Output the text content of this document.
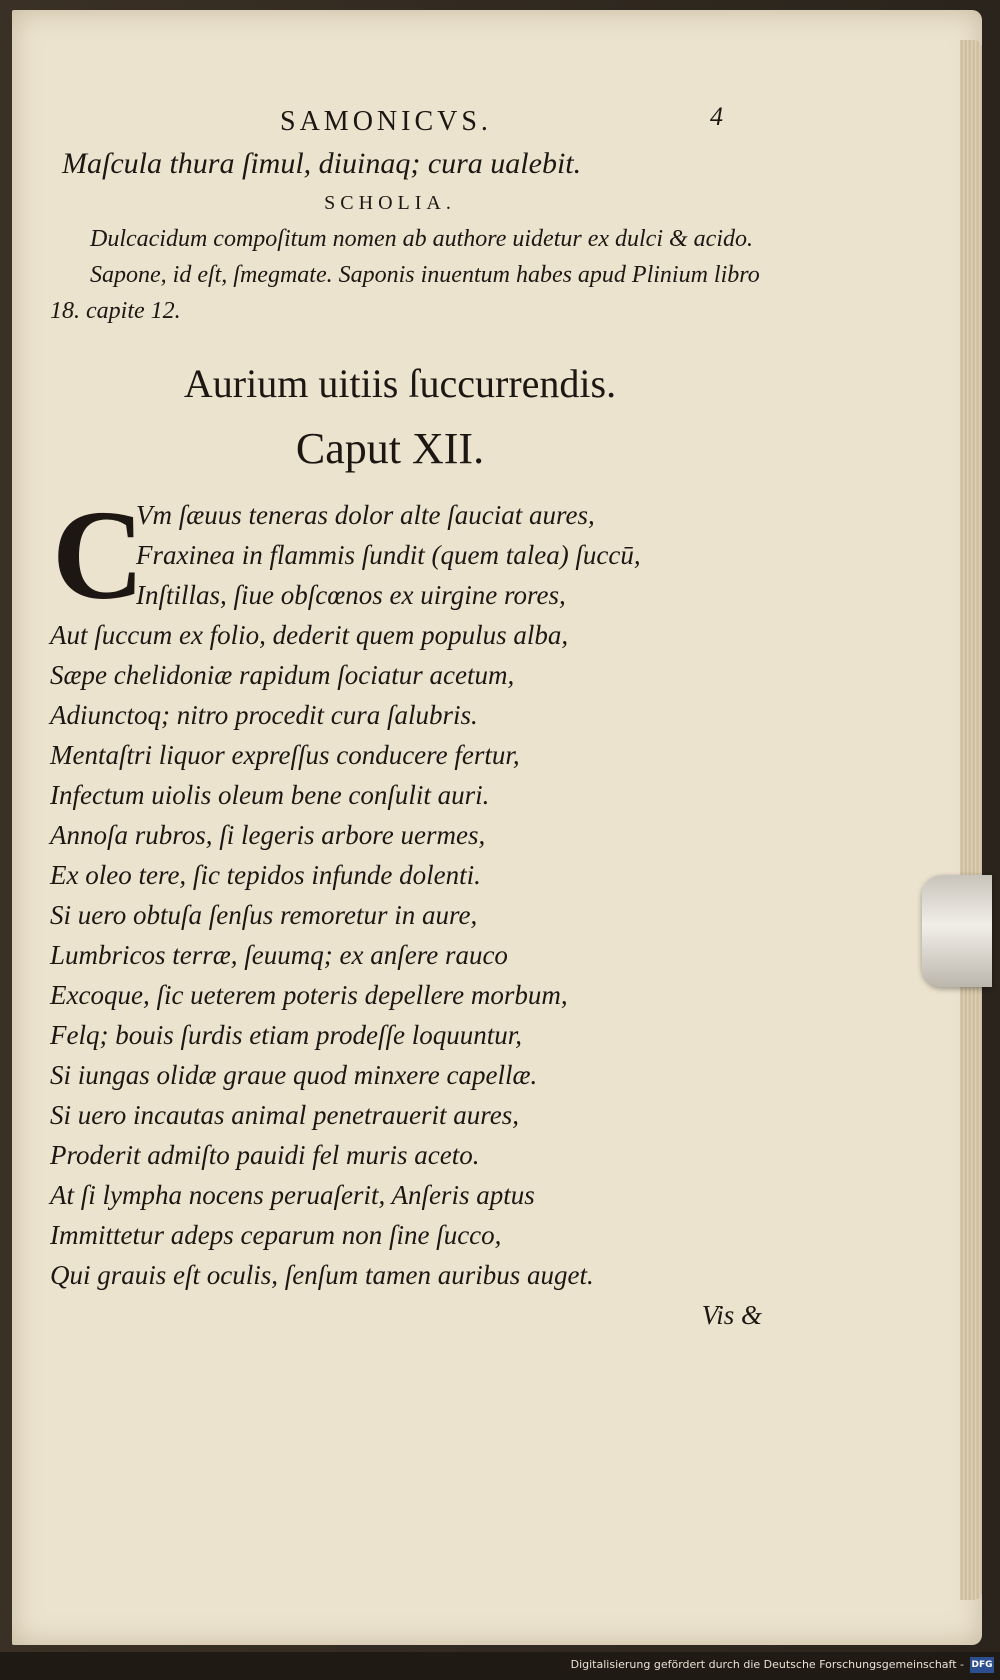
SAMONICVS.	4
Maſcula thura ſimul, diuinaq; cura ualebit.
SCHOLIA.

Dulcacidum compoſitum nomen ab authore uidetur ex dulci & acido.

Sapone, id eſt, ſmegmate. Saponis inuentum habes apud Plinium libro 18. capite 12.

Aurium uitiis ſuccurrendis.
Caput XII.
C
Vm ſæuus teneras dolor alte ſauciat aures,
Fraxinea in flammis ſundit (quem talea) ſuccū,
Inſtillas, ſiue obſcœnos ex uirgine rores,
Aut ſuccum ex folio, dederit quem populus alba,
Sæpe chelidoniæ rapidum ſociatur acetum,
Adiunctoq; nitro procedit cura ſalubris.
Mentaſtri liquor expreſſus conducere fertur,
Infectum uiolis oleum bene conſulit auri.
Annoſa rubros, ſi legeris arbore uermes,
Ex oleo tere, ſic tepidos infunde dolenti.
Si uero obtuſa ſenſus remoretur in aure,
Lumbricos terræ, ſeuumq; ex anſere rauco
Excoque, ſic ueterem poteris depellere morbum,
Felq; bouis ſurdis etiam prodeſſe loquuntur,
Si iungas olidæ graue quod minxere capellæ.
Si uero incautas animal penetrauerit aures,
Proderit admiſto pauidi fel muris aceto.
At ſi lympha nocens peruaſerit, Anſeris aptus
Immittetur adeps ceparum non ſine ſucco,
Qui grauis eſt oculis, ſenſum tamen auribus auget.
Vis &
Digitalisierung gefördert durch die Deutsche Forschungsgemeinschaft - DFG
